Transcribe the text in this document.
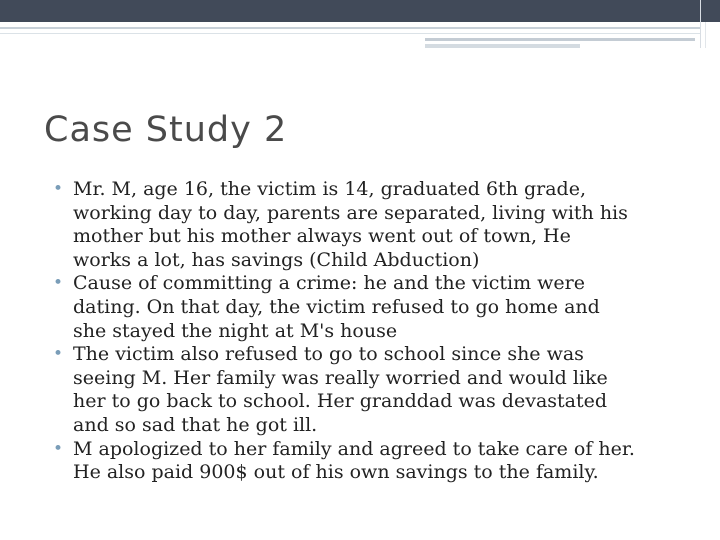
Case Study 2
• Mr. M, age 16, the victim is 14, graduated 6th grade,
working day to day, parents are separated, living with his
mother but his mother always went out of town, He
works a lot, has savings (Child Abduction)
• Cause of committing a crime: he and the victim were
dating. On that day, the victim refused to go home and
she stayed the night at M's house
• The victim also refused to go to school since she was
seeing M. Her family was really worried and would like
her to go back to school. Her granddad was devastated
and so sad that he got ill.
• M apologized to her family and agreed to take care of her.
He also paid 900$ out of his own savings to the family.
